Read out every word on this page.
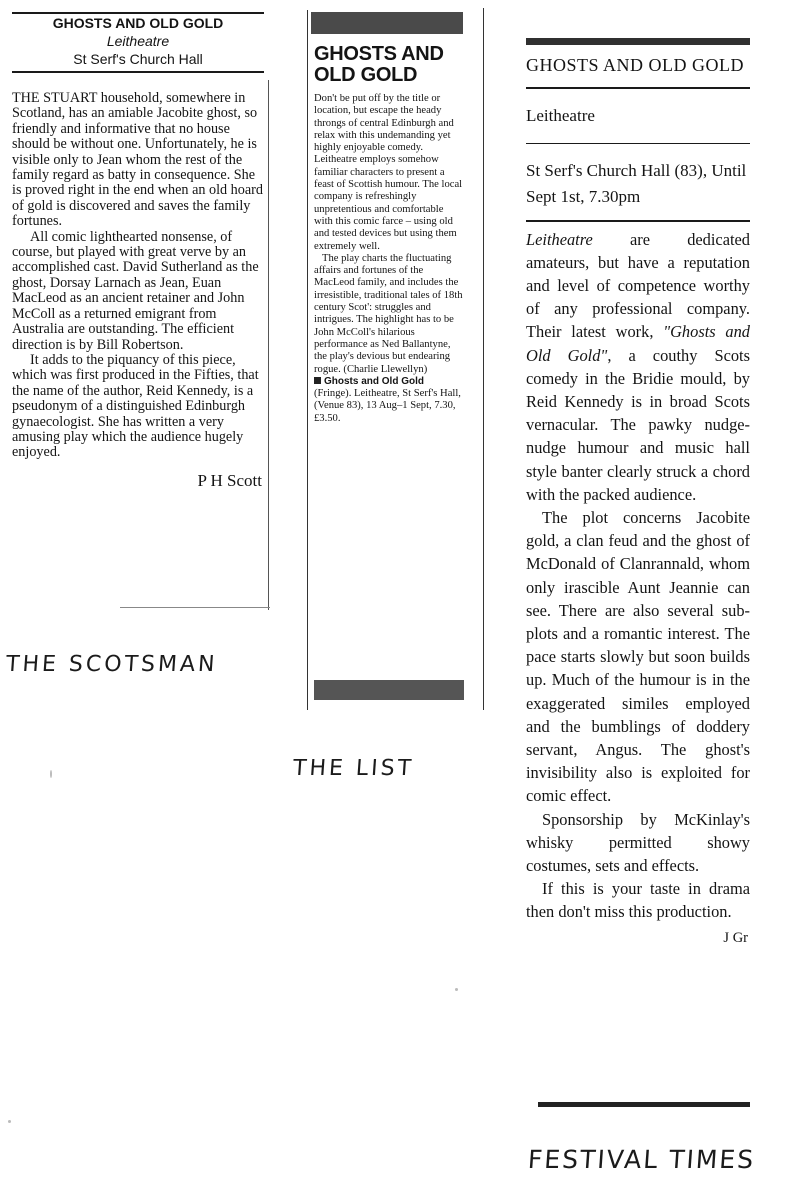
GHOSTS AND OLD GOLD
Leitheatre
St Serf's Church Hall

THE STUART household, somewhere in Scotland, has an amiable Jacobite ghost, so friendly and informative that no house should be without one. Unfortunately, he is visible only to Jean whom the rest of the family regard as batty in consequence. She is proved right in the end when an old hoard of gold is discovered and saves the family fortunes.

All comic lighthearted nonsense, of course, but played with great verve by an accomplished cast. David Sutherland as the ghost, Dorsay Larnach as Jean, Euan MacLeod as an ancient retainer and John McColl as a returned emigrant from Australia are outstanding. The efficient direction is by Bill Robertson.

It adds to the piquancy of this piece, which was first produced in the Fifties, that the name of the author, Reid Kennedy, is a pseudonym of a distinguished Edinburgh gynaecologist. She has written a very amusing play which the audience hugely enjoyed.

P H Scott
THE SCOTSMAN
GHOSTS AND OLD GOLD

Don't be put off by the title or location, but escape the heady throngs of central Edinburgh and relax with this undemanding yet highly enjoyable comedy. Leitheatre employs somehow familiar characters to present a feast of Scottish humour. The local company is refreshingly unpretentious and comfortable with this comic farce – using old and tested devices but using them extremely well.

The play charts the fluctuating affairs and fortunes of the MacLeod family, and includes the irresistible, traditional tales of 18th century Scot': struggles and intrigues. The highlight has to be John McColl's hilarious performance as Ned Ballantyne, the play's devious but endearing rogue. (Charlie Llewellyn)

Ghosts and Old Gold (Fringe). Leitheatre, St Serf's Hall, (Venue 83), 13 Aug–1 Sept, 7.30, £3.50.

THE LIST
GHOSTS AND OLD GOLD
Leitheatre
St Serf's Church Hall (83), Until Sept 1st, 7.30pm

Leitheatre are dedicated amateurs, but have a reputation and level of competence worthy of any professional company. Their latest work, "Ghosts and Old Gold", a couthy Scots comedy in the Bridie mould, by Reid Kennedy is in broad Scots vernacular. The pawky nudge-nudge humour and music hall style banter clearly struck a chord with the packed audience.

The plot concerns Jacobite gold, a clan feud and the ghost of McDonald of Clanrannald, whom only irascible Aunt Jeannie can see. There are also several sub-plots and a romantic interest. The pace starts slowly but soon builds up. Much of the humour is in the exaggerated similes employed and the bumblings of doddery servant, Angus. The ghost's invisibility also is exploited for comic effect.

Sponsorship by McKinlay's whisky permitted showy costumes, sets and effects.

If this is your taste in drama then don't miss this production.

J Gr
FESTIVAL TIMES
